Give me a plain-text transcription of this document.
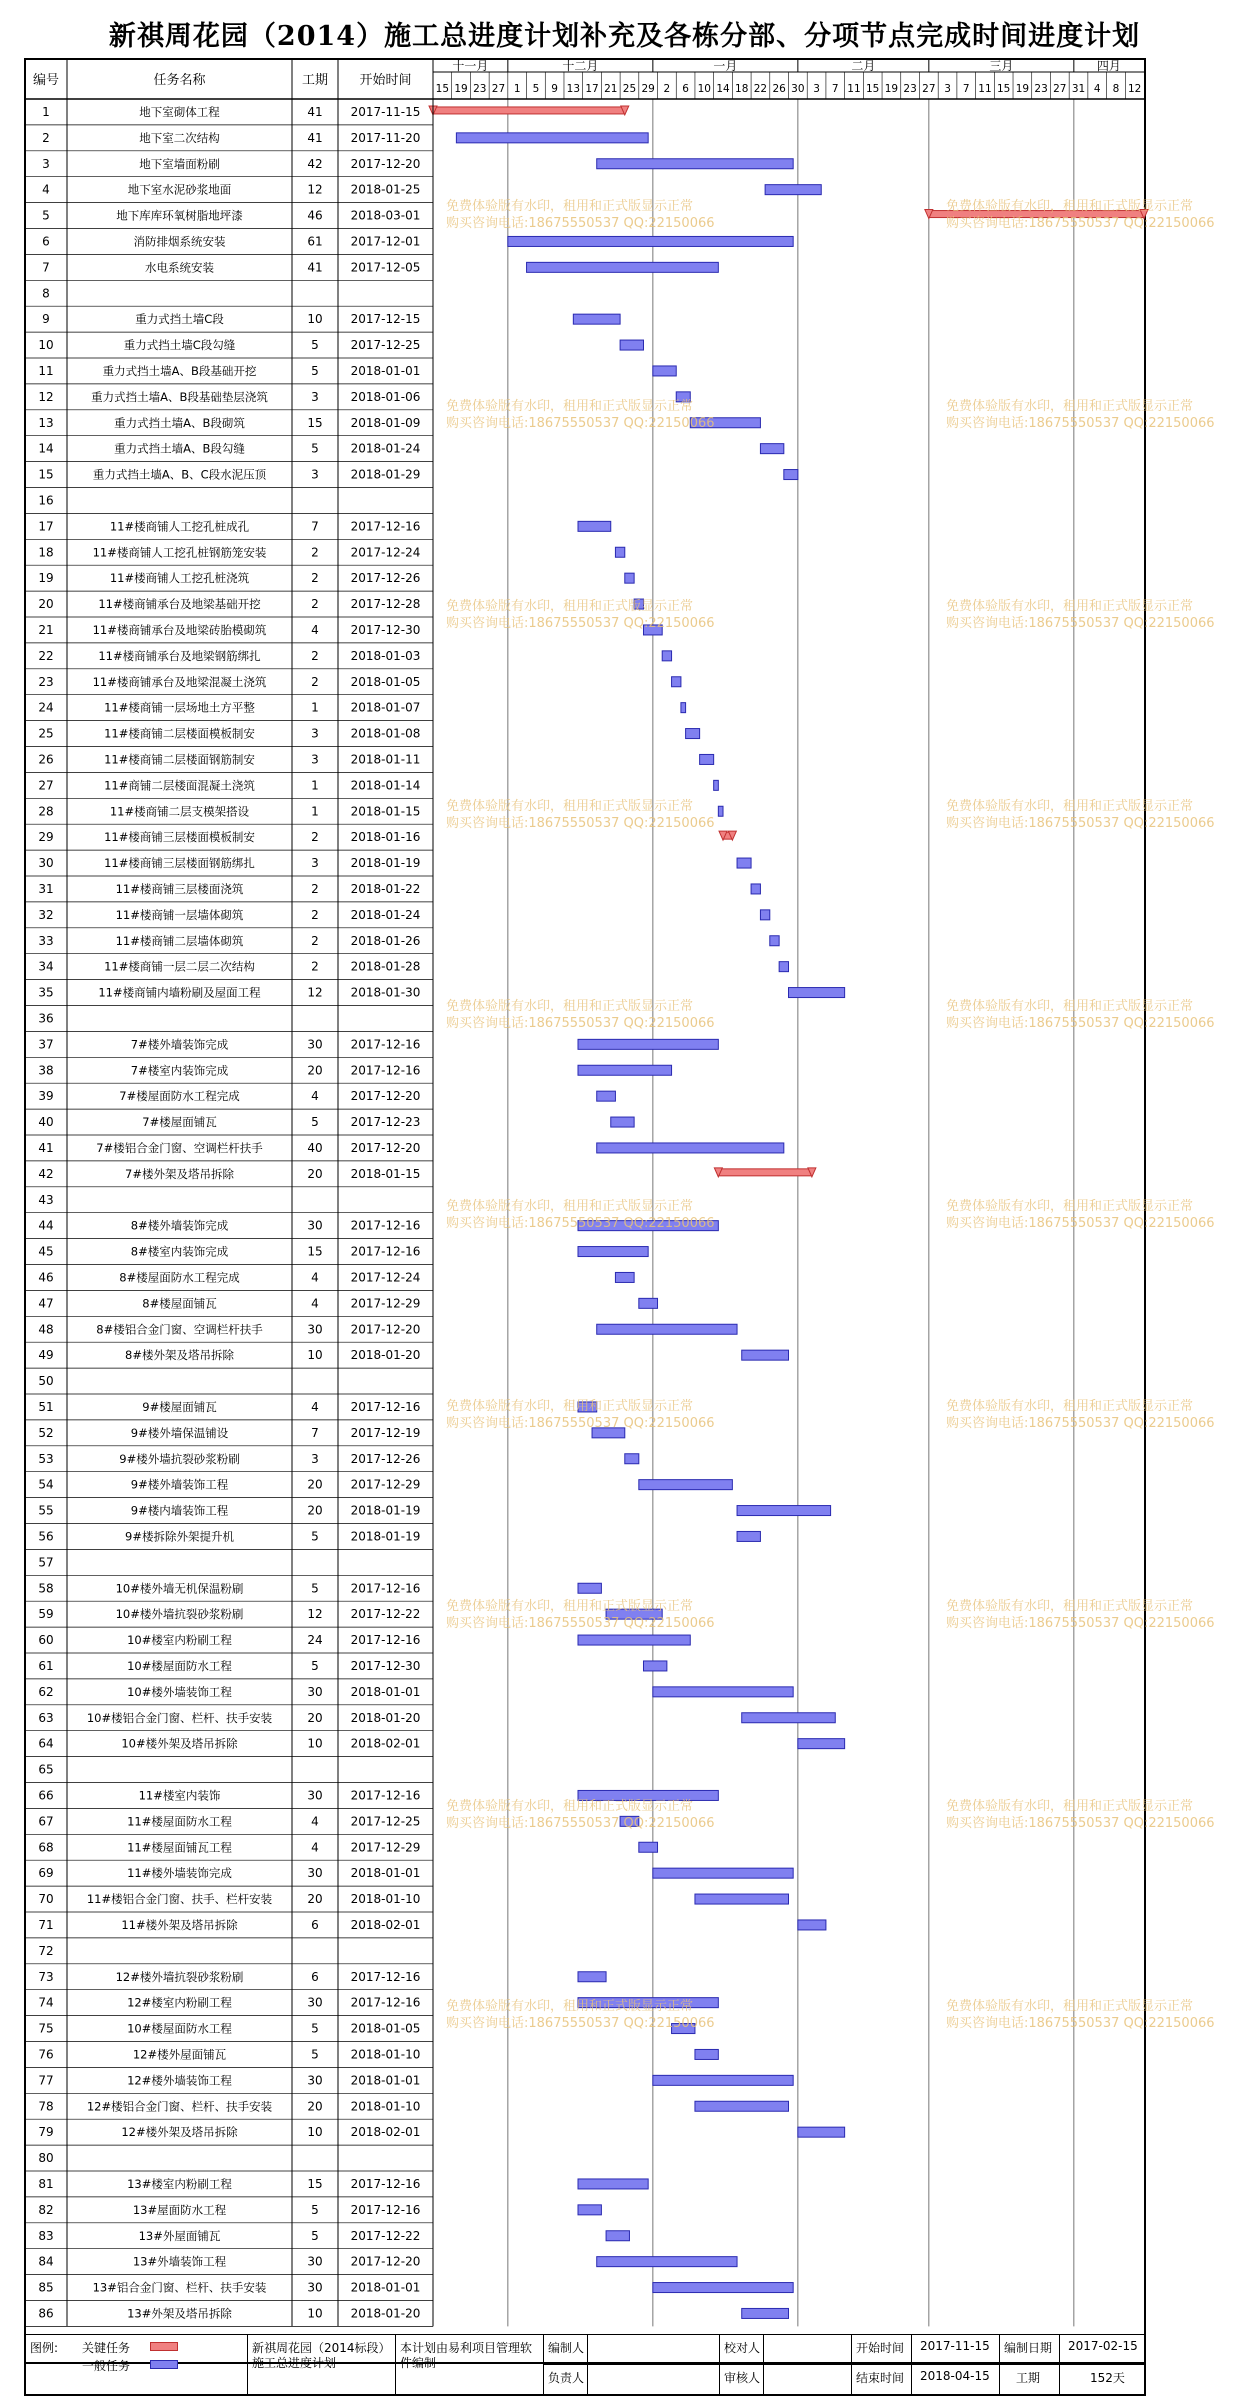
新祺周花园（2014）施工总进度计划补充及各栋分部、分项节点完成时间进度计划
编号	任务名称	工期 开始时间
十一月	十二月	一月	二月	三月	四月
15 19 23 27 1 5 9 13 17 21 25 29 2 6 10 14 18 22 26 30 3 7 11 15 19 23 27 3 7 11 15 19 23 27 31 4 8 12
1	地下室砌体工程	41 2017-11-15
2	地下室二次结构	41 2017-11-20
3	地下室墙面粉刷	42 2017-12-20
4	地下室水泥砂浆地面	12 2018-01-25
5	地下库库环氧树脂地坪漆	46 2018-03-01
6	消防排烟系统安装	61 2017-12-01
7	水电系统安装	41 2017-12-05
8
9	重力式挡土墙C段	10 2017-12-15
10	重力式挡土墙C段勾缝	5	2017-12-25
11	重力式挡土墙A、B段基础开挖	5	2018-01-01
12	重力式挡土墙A、B段基础垫层浇筑	3	2018-01-06
13	重力式挡土墙A、B段砌筑	15 2018-01-09
14	重力式挡土墙A、B段勾缝	5	2018-01-24
15	重力式挡土墙A、B、C段水泥压顶	3	2018-01-29
16
17	11#楼商铺人工挖孔桩成孔	7	2017-12-16
18	11#楼商铺人工挖孔桩钢筋笼安装	2	2017-12-24
19	11#楼商铺人工挖孔桩浇筑	2	2017-12-26
20	11#楼商铺承台及地梁基础开挖	2	2017-12-28
21	11#楼商铺承台及地梁砖胎模砌筑	4	2017-12-30
22	11#楼商铺承台及地梁钢筋绑扎	2	2018-01-03
23	11#楼商铺承台及地梁混凝土浇筑	2	2018-01-05
24	11#楼商铺一层场地土方平整	1	2018-01-07
25	11#楼商铺二层楼面模板制安	3	2018-01-08
26	11#楼商铺二层楼面钢筋制安	3	2018-01-11
27	11#商铺二层楼面混凝土浇筑	1	2018-01-14
28	11#楼商铺二层支模架搭设	1	2018-01-15
29	11#楼商铺三层楼面模板制安	2	2018-01-16
30	11#楼商铺三层楼面钢筋绑扎	3	2018-01-19
31	11#楼商铺三层楼面浇筑	2	2018-01-22
32	11#楼商铺一层墙体砌筑	2	2018-01-24
33	11#楼商铺二层墙体砌筑	2	2018-01-26
34	11#楼商铺一层二层二次结构	2	2018-01-28
35	11#楼商铺内墙粉刷及屋面工程	12 2018-01-30
36
37	7#楼外墙装饰完成	30 2017-12-16
38	7#楼室内装饰完成	20 2017-12-16
39	7#楼屋面防水工程完成	4	2017-12-20
40	7#楼屋面铺瓦	5	2017-12-23
41	7#楼铝合金门窗、空调栏杆扶手	40 2017-12-20
42	7#楼外架及塔吊拆除	20 2018-01-15
43
44	8#楼外墙装饰完成	30 2017-12-16
45	8#楼室内装饰完成	15 2017-12-16
46	8#楼屋面防水工程完成	4	2017-12-24
47	8#楼屋面铺瓦	4	2017-12-29
48	8#楼铝合金门窗、空调栏杆扶手	30 2017-12-20
49	8#楼外架及塔吊拆除	10 2018-01-20
50
51	9#楼屋面铺瓦	4	2017-12-16
52	9#楼外墙保温铺设	7	2017-12-19
53	9#楼外墙抗裂砂浆粉刷	3	2017-12-26
54	9#楼外墙装饰工程	20 2017-12-29
55	9#楼内墙装饰工程	20 2018-01-19
56	9#楼拆除外架提升机	5	2018-01-19
57
58	10#楼外墙无机保温粉刷	5	2017-12-16
59	10#楼外墙抗裂砂浆粉刷	12 2017-12-22
60	10#楼室内粉刷工程	24 2017-12-16
61	10#楼屋面防水工程	5	2017-12-30
62	10#楼外墙装饰工程	30 2018-01-01
63	10#楼铝合金门窗、栏杆、扶手安装	20 2018-01-20
64	10#楼外架及塔吊拆除	10 2018-02-01
65
66	11#楼室内装饰	30 2017-12-16
67	11#楼屋面防水工程	4	2017-12-25
68	11#楼屋面铺瓦工程	4	2017-12-29
69	11#楼外墙装饰完成	30 2018-01-01
70	11#楼铝合金门窗、扶手、栏杆安装	20 2018-01-10
71	11#楼外架及塔吊拆除	6	2018-02-01
72
73	12#楼外墙抗裂砂浆粉刷	6	2017-12-16
74	12#楼室内粉刷工程	30 2017-12-16
75	10#楼屋面防水工程	5	2018-01-05
76	12#楼外屋面铺瓦	5	2018-01-10
77	12#楼外墙装饰工程	30 2018-01-01
78	12#楼铝合金门窗、栏杆、扶手安装	20 2018-01-10
79	12#楼外架及塔吊拆除	10 2018-02-01
80
81	13#楼室内粉刷工程	15 2017-12-16
82	13#屋面防水工程	5	2017-12-16
83	13#外屋面铺瓦	5	2017-12-22
84	13#外墙装饰工程	30 2017-12-20
85	13#铝合金门窗、栏杆、扶手安装	30 2018-01-01
86	13#外架及塔吊拆除	10 2018-01-20
免费体验版有水印，租用和正式版显示正常
购买咨询电话:18675550537 QQ:22150066
免费体验版有水印，租用和正式版显示正常
购买咨询电话:18675550537 QQ:22150066
免费体验版有水印，租用和正式版显示正常
购买咨询电话:18675550537 QQ:22150066
免费体验版有水印，租用和正式版显示正常
购买咨询电话:18675550537 QQ:22150066
免费体验版有水印，租用和正式版显示正常
购买咨询电话:18675550537 QQ:22150066
免费体验版有水印，租用和正式版显示正常
购买咨询电话:18675550537 QQ:22150066
免费体验版有水印，租用和正式版显示正常
购买咨询电话:18675550537 QQ:22150066
免费体验版有水印，租用和正式版显示正常
购买咨询电话:18675550537 QQ:22150066
免费体验版有水印，租用和正式版显示正常
购买咨询电话:18675550537 QQ:22150066
免费体验版有水印，租用和正式版显示正常
购买咨询电话:18675550537 QQ:22150066
免费体验版有水印，租用和正式版显示正常
购买咨询电话:18675550537 QQ:22150066
免费体验版有水印，租用和正式版显示正常
购买咨询电话:18675550537 QQ:22150066
免费体验版有水印，租用和正式版显示正常
购买咨询电话:18675550537 QQ:22150066
免费体验版有水印，租用和正式版显示正常
购买咨询电话:18675550537 QQ:22150066
免费体验版有水印，租用和正式版显示正常
购买咨询电话:18675550537 QQ:22150066
免费体验版有水印，租用和正式版显示正常
购买咨询电话:18675550537 QQ:22150066
免费体验版有水印，租用和正式版显示正常
购买咨询电话:18675550537 QQ:22150066
免费体验版有水印，租用和正式版显示正常
购买咨询电话:18675550537 QQ:22150066
免费体验版有水印，租用和正式版显示正常
购买咨询电话:18675550537 QQ:22150066
免费体验版有水印，租用和正式版显示正常
购买咨询电话:18675550537 QQ:22150066
图例: 关键任务
一般任务
新祺周花园（2014标段）施工总进度计划
本计划由易利项目管理软件编制
编制人
负责人
校对人
审核人
开始时间
结束时间
2017-11-15
2018-04-15
编制日期
工期
2017-02-15
152天
